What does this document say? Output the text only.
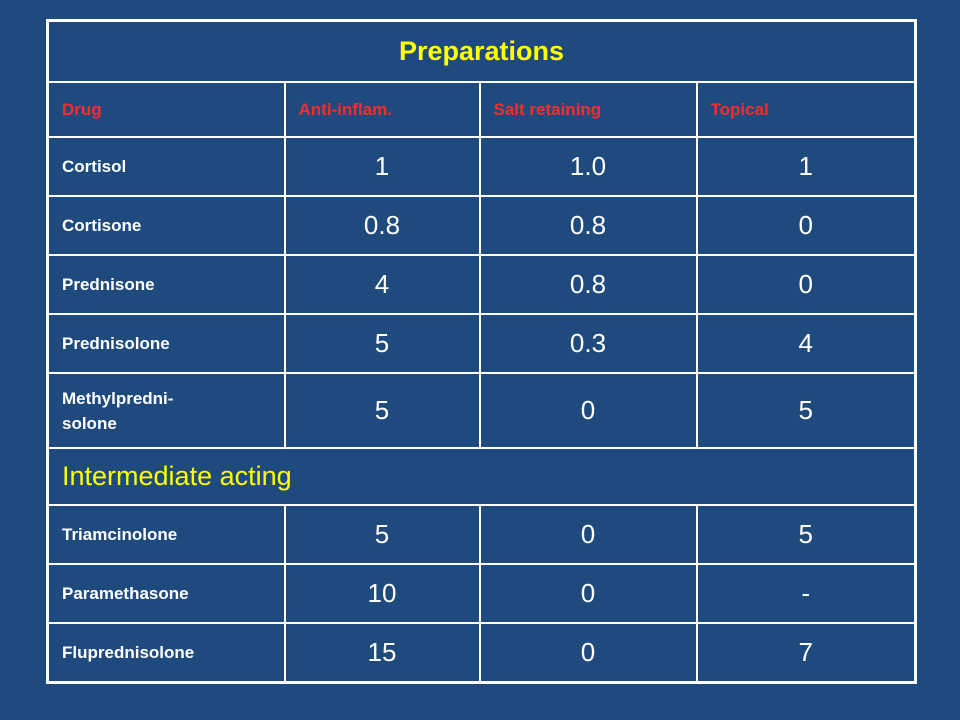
Preparations			
Drug	Anti-inflam.	Salt retaining	Topical
Cortisol	1	1.0	1
Cortisone	0.8	0.8	0
Prednisone	4	0.8	0
Prednisolone	5	0.3	4

Methylpredni-
solone	5	0	5
Intermediate acting			
Triamcinolone	5	0	5
Paramethasone	10	0	-
Fluprednisolone	15	0	7
